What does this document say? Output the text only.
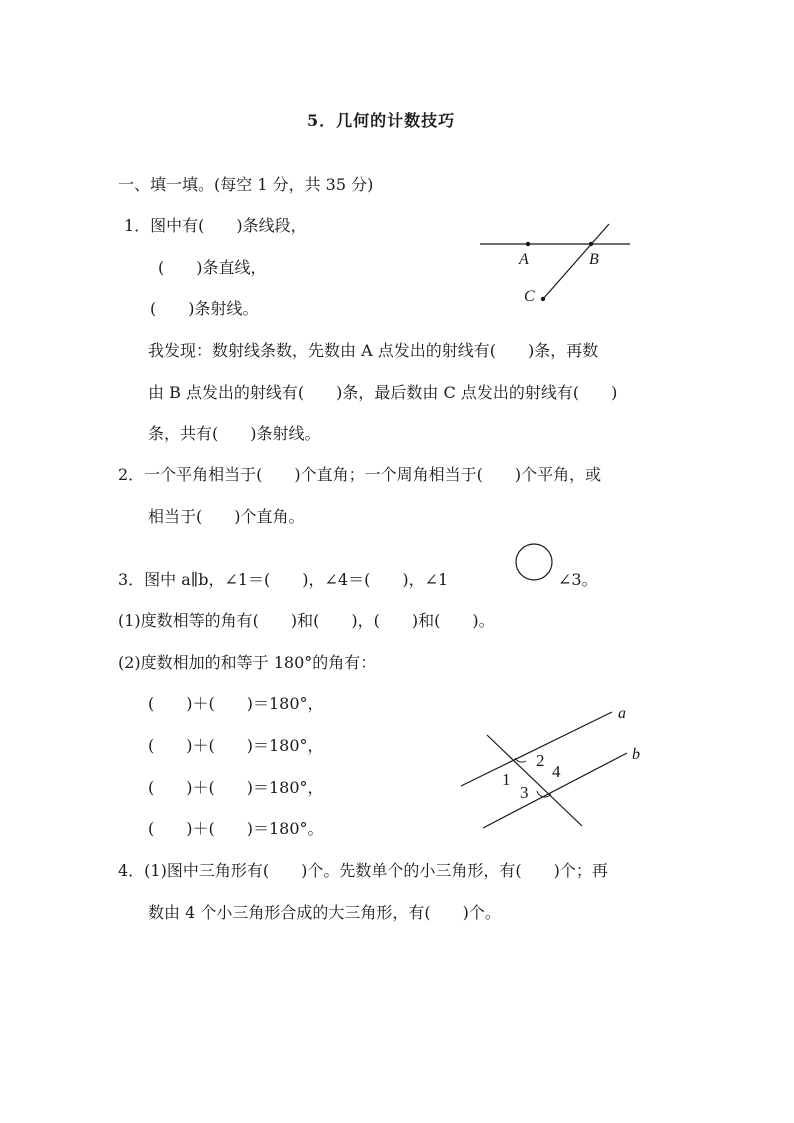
5．几何的计数技巧
一、填一填。(每空 1 分，共 35 分)
1．图中有(　　)条线段，
(　　)条直线，
(　　)条射线。
我发现：数射线条数，先数由 A 点发出的射线有(　　)条，再数
由 B 点发出的射线有(　　)条，最后数由 C 点发出的射线有(　　)
条，共有(　　)条射线。
A	B
C
2．一个平角相当于(　　)个直角；一个周角相当于(　　)个平角，或
相当于(　　)个直角。
3．图中 a∥b，∠1＝(　　)，∠4＝(　　)，∠1	∠3。
(1)度数相等的角有(　　)和(　　)，(　　)和(　　)。
(2)度数相加的和等于 180°的角有：
(　　)＋(　　)＝180°，
(　　)＋(　　)＝180°，
(　　)＋(　　)＝180°，
(　　)＋(　　)＝180°。
a
b
1
2
3
4
4．(1)图中三角形有(　　)个。先数单个的小三角形，有(　　)个；再
数由 4 个小三角形合成的大三角形，有(　　)个。
